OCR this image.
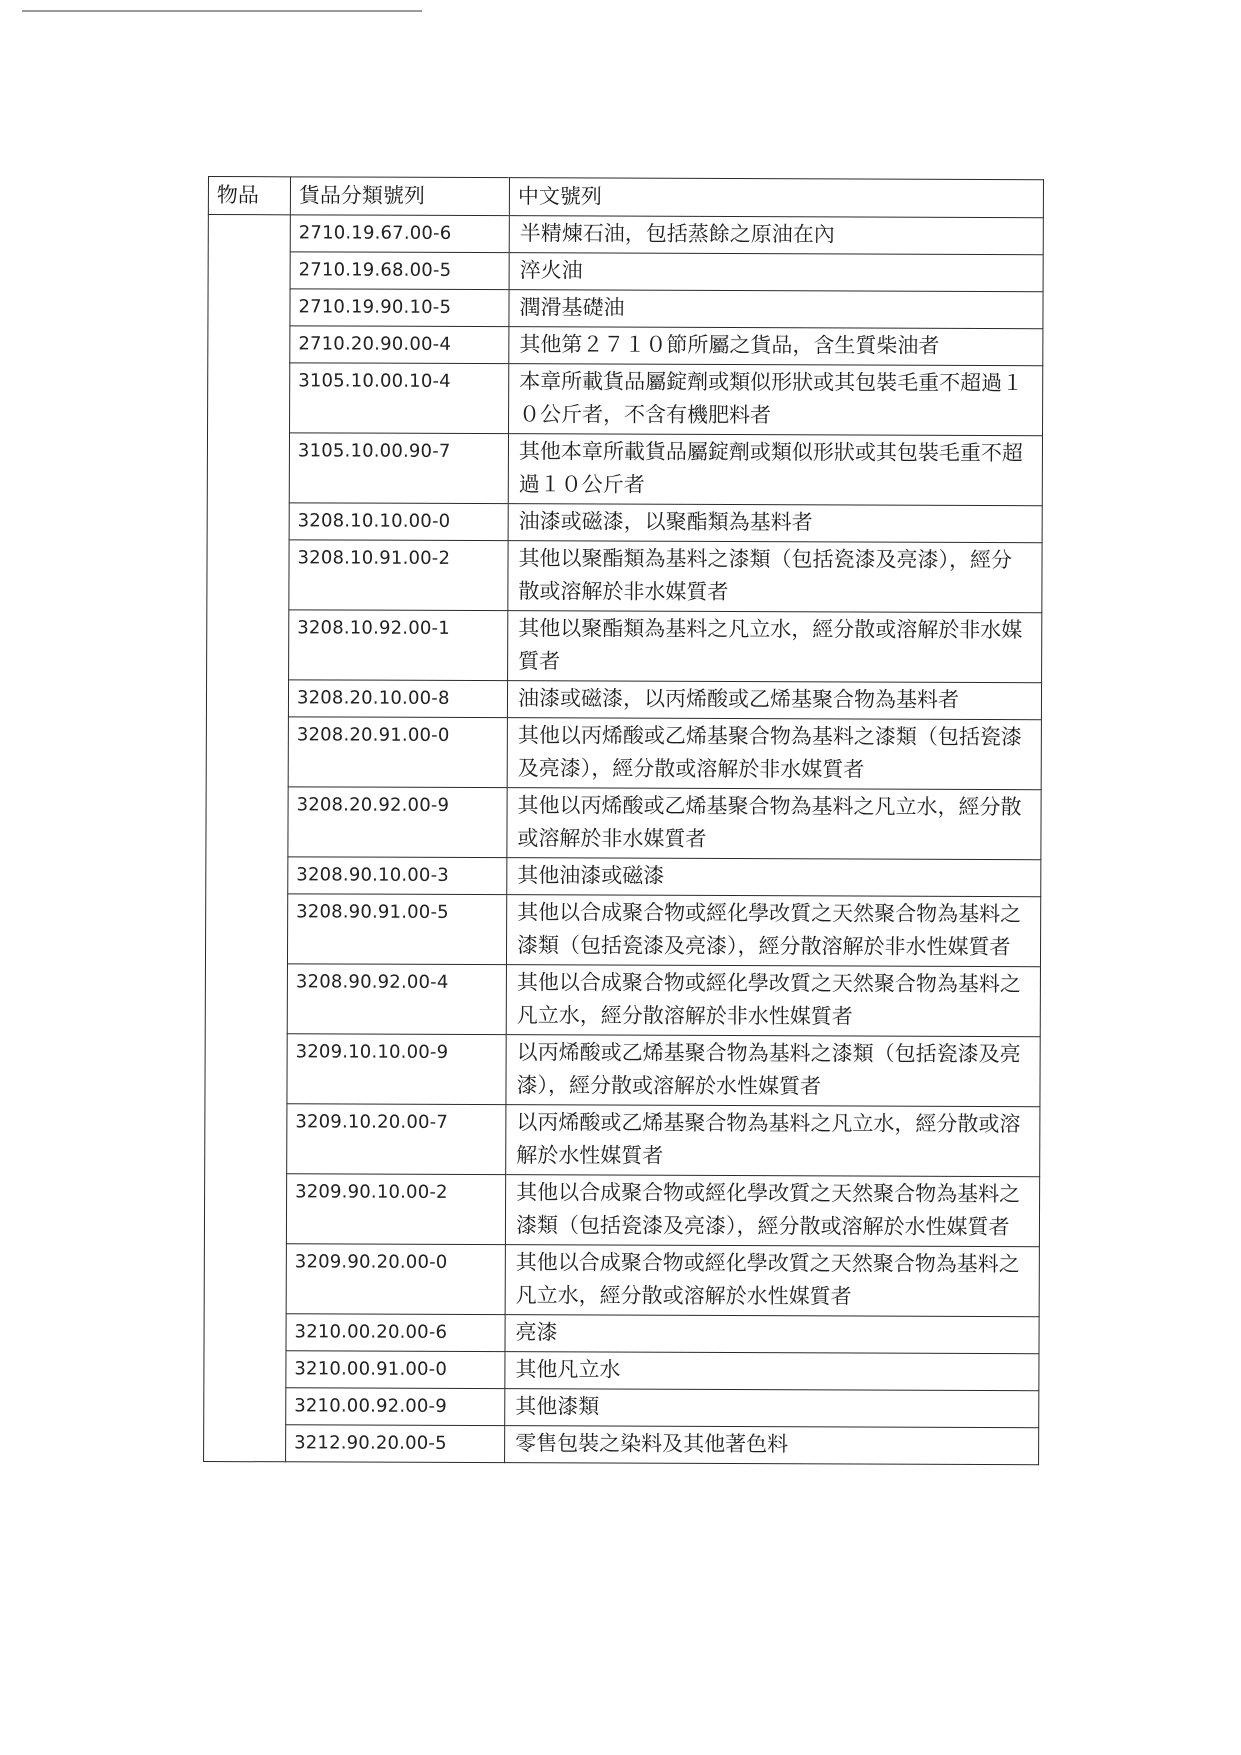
物品	貨品分類號列	中文號列
	2710.19.67.00-6	半精煉石油，包括蒸餘之原油在內
	2710.19.68.00-5	淬火油
	2710.19.90.10-5	潤滑基礎油
	2710.20.90.00-4	其他第２７１０節所屬之貨品，含生質柴油者
	3105.10.00.10-4	本章所載貨品屬錠劑或類似形狀或其包裝毛重不超過１０公斤者，不含有機肥料者
	3105.10.00.90-7	其他本章所載貨品屬錠劑或類似形狀或其包裝毛重不超過１０公斤者
	3208.10.10.00-0	油漆或磁漆，以聚酯類為基料者
	3208.10.91.00-2	其他以聚酯類為基料之漆類（包括瓷漆及亮漆），經分散或溶解於非水媒質者
	3208.10.92.00-1	其他以聚酯類為基料之凡立水，經分散或溶解於非水媒質者
	3208.20.10.00-8	油漆或磁漆，以丙烯酸或乙烯基聚合物為基料者
	3208.20.91.00-0	其他以丙烯酸或乙烯基聚合物為基料之漆類（包括瓷漆及亮漆），經分散或溶解於非水媒質者
	3208.20.92.00-9	其他以丙烯酸或乙烯基聚合物為基料之凡立水，經分散或溶解於非水媒質者
	3208.90.10.00-3	其他油漆或磁漆
	3208.90.91.00-5	其他以合成聚合物或經化學改質之天然聚合物為基料之漆類（包括瓷漆及亮漆），經分散溶解於非水性媒質者
	3208.90.92.00-4	其他以合成聚合物或經化學改質之天然聚合物為基料之凡立水，經分散溶解於非水性媒質者
	3209.10.10.00-9	以丙烯酸或乙烯基聚合物為基料之漆類（包括瓷漆及亮漆），經分散或溶解於水性媒質者
	3209.10.20.00-7	以丙烯酸或乙烯基聚合物為基料之凡立水，經分散或溶解於水性媒質者
	3209.90.10.00-2	其他以合成聚合物或經化學改質之天然聚合物為基料之漆類（包括瓷漆及亮漆），經分散或溶解於水性媒質者
	3209.90.20.00-0	其他以合成聚合物或經化學改質之天然聚合物為基料之凡立水，經分散或溶解於水性媒質者
	3210.00.20.00-6	亮漆
	3210.00.91.00-0	其他凡立水
	3210.00.92.00-9	其他漆類
	3212.90.20.00-5	零售包裝之染料及其他著色料
